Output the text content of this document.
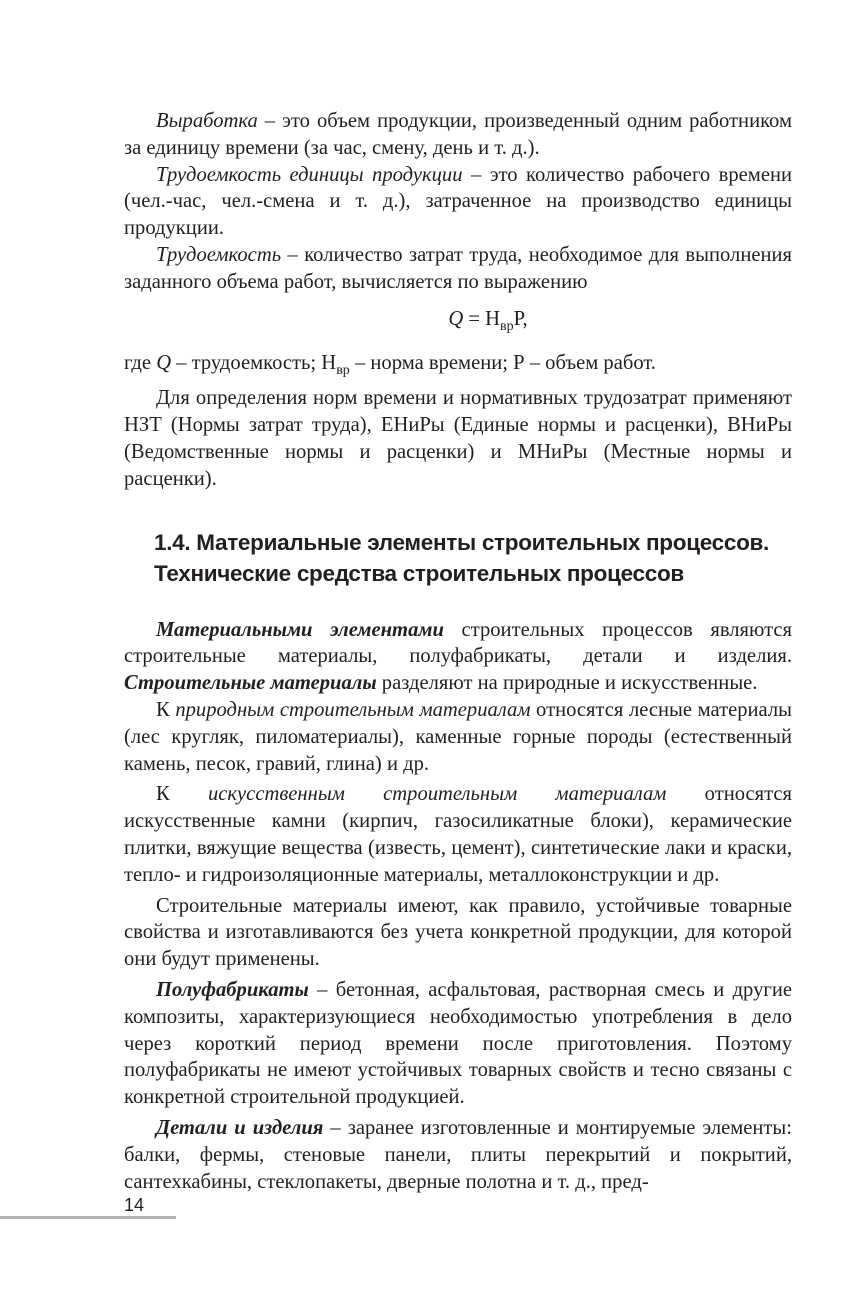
Выработка – это объем продукции, произведенный одним работником за единицу времени (за час, смену, день и т. д.).

Трудоемкость единицы продукции – это количество рабочего времени (чел.-час, чел.-смена и т. д.), затраченное на производство единицы продукции.

Трудоемкость – количество затрат труда, необходимое для выполнения заданного объема работ, вычисляется по выражению

$Q = Н_{вр}Р$,

где Q – трудоемкость; $Н_{вр}$ – норма времени; Р – объем работ.

Для определения норм времени и нормативных трудозатрат применяют НЗТ (Нормы затрат труда), ЕНиРы (Единые нормы и расценки), ВНиРы (Ведомственные нормы и расценки) и МНиРы (Местные нормы и расценки).

1.4. Материальные элементы строительных процессов.
Технические средства строительных процессов

Материальными элементами строительных процессов являются строительные материалы, полуфабрикаты, детали и изделия. Строительные материалы разделяют на природные и искусственные.

К природным строительным материалам относятся лесные материалы (лес кругляк, пиломатериалы), каменные горные породы (естественный камень, песок, гравий, глина) и др.

К искусственным строительным материалам относятся искусственные камни (кирпич, газосиликатные блоки), керамические плитки, вяжущие вещества (известь, цемент), синтетические лаки и краски, тепло- и гидроизоляционные материалы, металлоконструкции и др.

Строительные материалы имеют, как правило, устойчивые товарные свойства и изготавливаются без учета конкретной продукции, для которой они будут применены.

Полуфабрикаты – бетонная, асфальтовая, растворная смесь и другие композиты, характеризующиеся необходимостью употребления в дело через короткий период времени после приготовления. Поэтому полуфабрикаты не имеют устойчивых товарных свойств и тесно связаны с конкретной строительной продукцией.

Детали и изделия – заранее изготовленные и монтируемые элементы: балки, фермы, стеновые панели, плиты перекрытий и покрытий, сантехкабины, стеклопакеты, дверные полотна и т. д., пред-

14
